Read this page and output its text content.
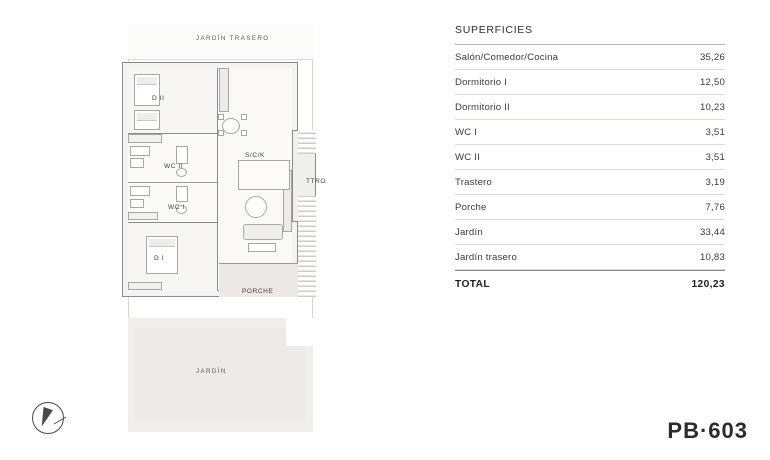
JARDÍN TRASERO
JARDÍN
D II
WC II
WC I
D I
S/C/K
TTRO
PORCHE
SUPERFICIES
Salón/Comedor/Cocina	35,26
Dormitorio I	12,50
Dormitorio II	10,23
WC I	3,51
WC II	3,51
Trastero	3,19
Porche	7,76
Jardín	33,44
Jardín trasero	10,83
TOTAL	120,23
PB·603
